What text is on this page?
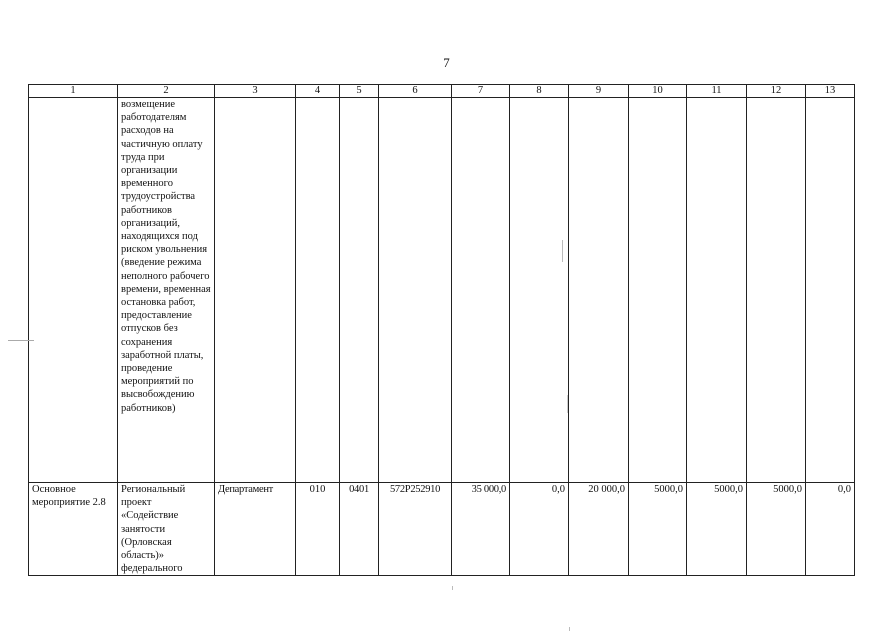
7
1	2	3	4	5	6	7	8	9	10	11	12	13
	возмещение работодателям расходов на частичную оплату труда при организации временного трудоустройства работников организаций, находящихся под риском увольнения (введение режима неполного рабочего времени, временная остановка работ, предоставление отпусков без сохранения заработной платы, проведение мероприятий по высвобождению работников)											
Основное мероприятие 2.8	Региональный проект «Содействие занятости (Орловская область)» федерального	Департамент	010	0401	572P252910	35 000,0	0,0	20 000,0	5000,0	5000,0	5000,0	0,0
